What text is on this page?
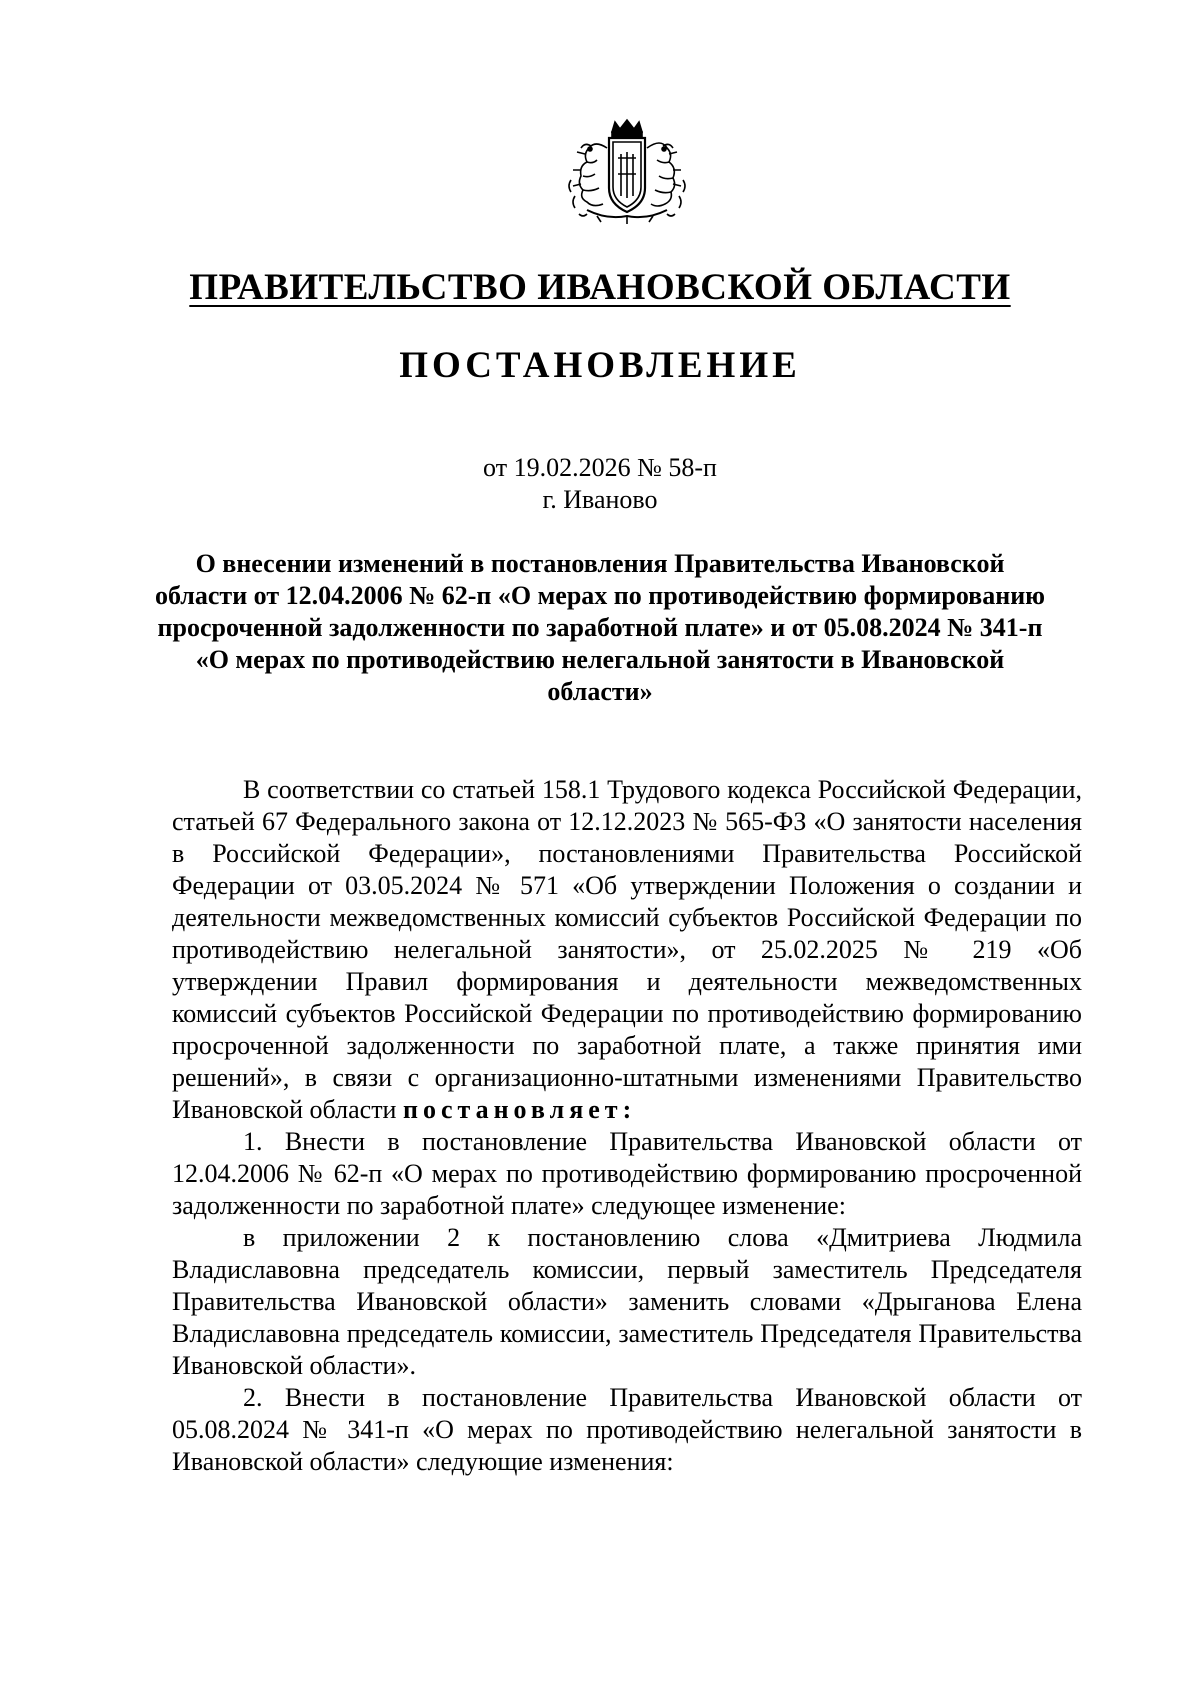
ПРАВИТЕЛЬСТВО ИВАНОВСКОЙ ОБЛАСТИ
ПОСТАНОВЛЕНИЕ
от 19.02.2026 № 58-п
г. Иваново
О внесении изменений в постановления Правительства Ивановской области от 12.04.2006 № 62-п «О мерах по противодействию формированию просроченной задолженности по заработной плате» и от 05.08.2024 № 341-п «О мерах по противодействию нелегальной занятости в Ивановской области»

В соответствии со статьей 158.1 Трудового кодекса Российской Федерации, статьей 67 Федерального закона от 12.12.2023 № 565-ФЗ «О занятости населения в Российской Федерации», постановлениями Правительства Российской Федерации от 03.05.2024 № 571 «Об утверждении Положения о создании и деятельности межведомственных комиссий субъектов Российской Федерации по противодействию нелегальной занятости», от 25.02.2025 № 219 «Об утверждении Правил формирования и деятельности межведомственных комиссий субъектов Российской Федерации по противодействию формированию просроченной задолженности по заработной плате, а также принятия ими решений», в связи с организационно-штатными изменениями Правительство Ивановской области постановляет:

1. Внести в постановление Правительства Ивановской области от 12.04.2006 № 62-п «О мерах по противодействию формированию просроченной задолженности по заработной плате» следующее изменение:

в приложении 2 к постановлению слова «Дмитриева Людмила Владиславовна председатель комиссии, первый заместитель Председателя Правительства Ивановской области» заменить словами «Дрыганова Елена Владиславовна председатель комиссии, заместитель Председателя Правительства Ивановской области».

2. Внести в постановление Правительства Ивановской области от 05.08.2024 № 341-п «О мерах по противодействию нелегальной занятости в Ивановской области» следующие изменения:
